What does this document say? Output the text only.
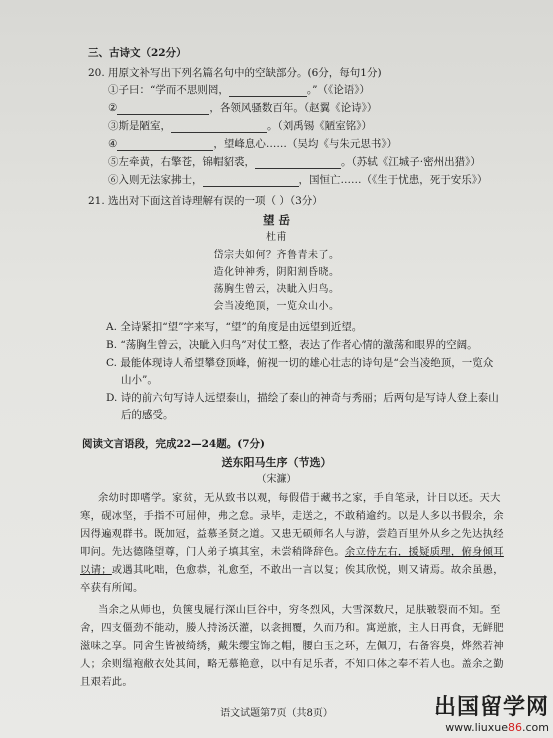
三、古诗文（22分）
20. 用原文补写出下列名篇名句中的空缺部分。(6分，每句1分)
①子曰：“学而不思则罔，	。”（《论语》）
②	，各领风骚数百年。（赵翼《论诗》）
③斯是陋室，	。（刘禹锡《陋室铭》）
④	，望峰息心……（吴均《与朱元思书》）
⑤左牵黄，右擎苍，锦帽貂裘，	。（苏轼《江城子·密州出猎》）
⑥入则无法家拂士，	，国恒亡……（《生于忧患，死于安乐》）
21. 选出对下面这首诗理解有误的一项（ ）（3分）
望 岳
杜甫
岱宗夫如何？齐鲁青未了。
造化钟神秀，阴阳割昏晓。
荡胸生曾云，决眦入归鸟。
会当凌绝顶，一览众山小。
A. 全诗紧扣“望”字来写，“望”的角度是由远望到近望。
B. “荡胸生曾云，决眦入归鸟”对仗工整，表达了作者心情的激荡和眼界的空阔。
C. 最能体现诗人希望攀登顶峰，俯视一切的雄心壮志的诗句是“会当凌绝顶，一览众
山小”。
D. 诗的前六句写诗人远望泰山，描绘了泰山的神奇与秀丽；后两句是写诗人登上泰山
后的感受。
阅读文言语段，完成22—24题。(7分)
送东阳马生序（节选）
（宋濂）
余幼时即嗜学。家贫，无从致书以观，每假借于藏书之家，手自笔录，计日以还。天大
寒，砚冰坚，手指不可屈伸，弗之怠。录毕，走送之，不敢稍逾约。以是人多以书假余，余
因得遍观群书。既加冠，益慕圣贤之道。又患无硕师名人与游，尝趋百里外从乡之先达执经
叩问。先达德隆望尊，门人弟子填其室，未尝稍降辞色。余立侍左右，援疑质理，俯身倾耳
以请；或遇其叱咄，色愈恭，礼愈至，不敢出一言以复；俟其欣悦，则又请焉。故余虽愚，
卒获有所闻。
当余之从师也，负箧曳屣行深山巨谷中，穷冬烈风，大雪深数尺，足肤皲裂而不知。至
舍，四支僵劲不能动，媵人持汤沃灌，以衾拥覆，久而乃和。寓逆旅，主人日再食，无鲜肥
滋味之享。同舍生皆被绮绣，戴朱缨宝饰之帽，腰白玉之环，左佩刀，右备容臭，烨然若神
人；余则缊袍敝衣处其间，略无慕艳意，以中有足乐者，不知口体之奉不若人也。盖余之勤
且艰若此。
语文试题第7页（共8页）	出国留学网
www.liuxue86.com
